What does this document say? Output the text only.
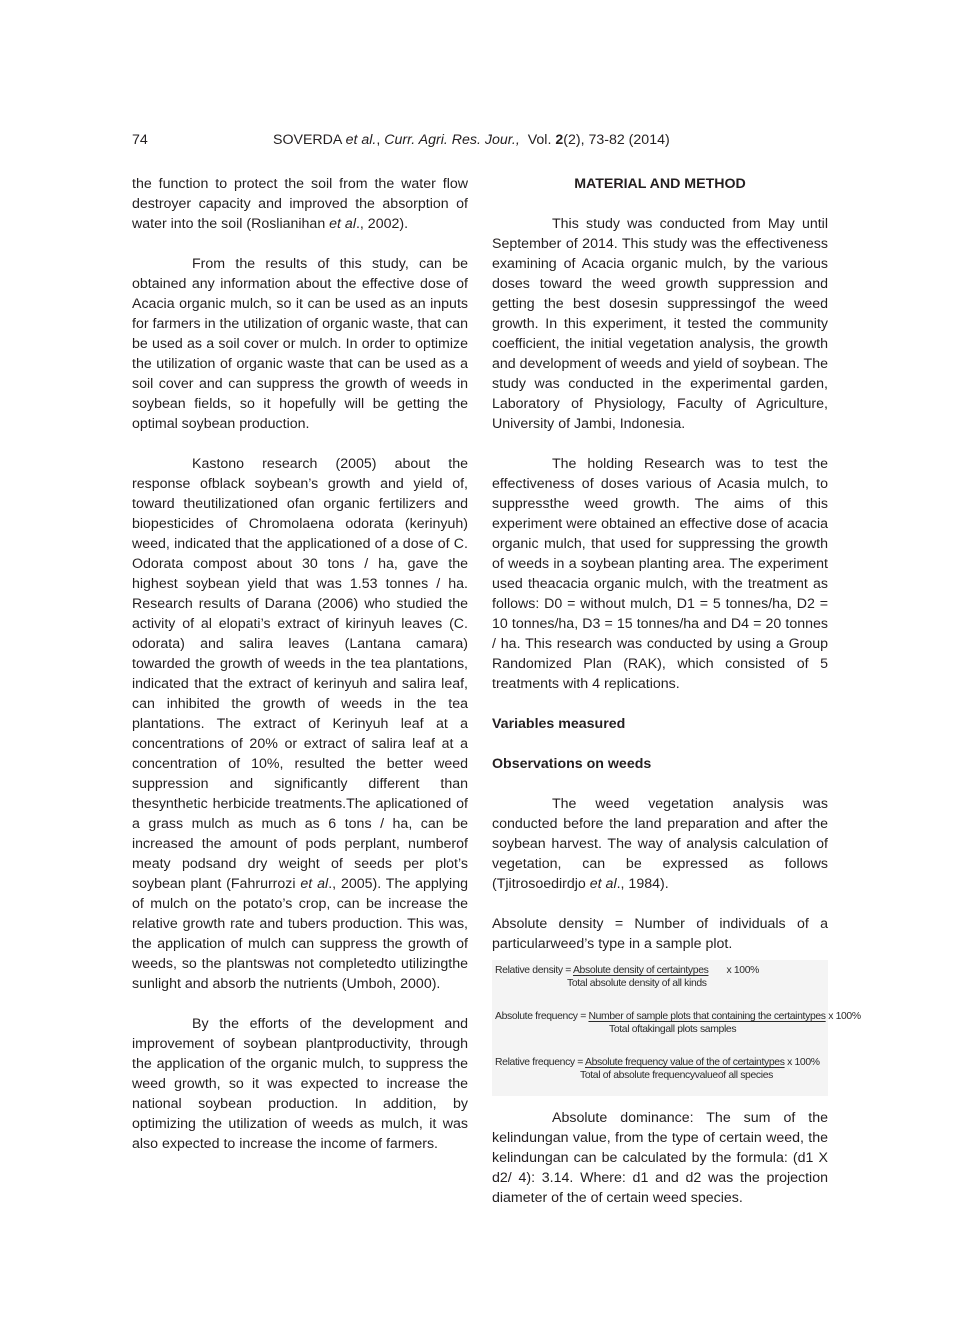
74	SOVERDA et al., Curr. Agri. Res. Jour., Vol. 2(2), 73-82 (2014)

the function to protect the soil from the water flow destroyer capacity and improved the absorption of water into the soil (Roslianihan et al., 2002).

From the results of this study, can be obtained any information about the effective dose of Acacia organic mulch, so it can be used as an inputs for farmers in the utilization of organic waste, that can be used as a soil cover or mulch. In order to optimize the utilization of organic waste that can be used as a soil cover and can suppress the growth of weeds in soybean fields, so it hopefully will be getting the optimal soybean production.

Kastono research (2005) about the response ofblack soybean’s growth and yield of, toward theutilizationed ofan organic fertilizers and biopesticides of Chromolaena odorata (kerinyuh) weed, indicated that the applicationed of a dose of C. Odorata compost about 30 tons / ha, gave the highest soybean yield that was 1.53 tonnes / ha. Research results of Darana (2006) who studied the activity of al elopati’s extract of kirinyuh leaves (C. odorata) and salira leaves (Lantana camara) towarded the growth of weeds in the tea plantations, indicated that the extract of kerinyuh and salira leaf, can inhibited the growth of weeds in the tea plantations. The extract of Kerinyuh leaf at a concentrations of 20% or extract of salira leaf at a concentration of 10%, resulted the better weed suppression and significantly different than thesynthetic herbicide treatments.The aplicationed of a grass mulch as much as 6 tons / ha, can be increased the amount of pods perplant, numberof meaty podsand dry weight of seeds per plot’s soybean plant (Fahrurrozi et al., 2005). The applying of mulch on the potato’s crop, can be increase the relative growth rate and tubers production. This was, the application of mulch can suppress the growth of weeds, so the plantswas not completedto utilizingthe sunlight and absorb the nutrients (Umboh, 2000).

By the efforts of the development and improvement of soybean plantproductivity, through the application of the organic mulch, to suppress the weed growth, so it was expected to increase the national soybean production. In addition, by optimizing the utilization of weeds as mulch, it was also expected to increase the income of farmers.

MATERIAL AND METHOD

This study was conducted from May until September of 2014. This study was the effectiveness examining of Acacia organic mulch, by the various doses toward the weed growth suppression and getting the best dosesin suppressingof the weed growth. In this experiment, it tested the community coefficient, the initial vegetation analysis, the growth and development of weeds and yield of soybean. The study was conducted in the experimental garden, Laboratory of Physiology, Faculty of Agriculture, University of Jambi, Indonesia.

The holding Research was to test the effectiveness of doses various of Acasia mulch, to suppressthe weed growth. The aims of this experiment were obtained an effective dose of acacia organic mulch, that used for suppressing the growth of weeds in a soybean planting area. The experiment used theacacia organic mulch, with the treatment as follows: D0 = without mulch, D1 = 5 tonnes/ha, D2 = 10 tonnes/ha, D3 = 15 tonnes/ha and D4 = 20 tonnes / ha. This research was conducted by using a Group Randomized Plan (RAK), which consisted of 5 treatments with 4 replications.

Variables measured

Observations on weeds

The weed vegetation analysis was conducted before the land preparation and after the soybean harvest. The way of analysis calculation of vegetation, can be expressed as follows (Tjitrosoedirdjo et al., 1984).

Absolute density = Number of individuals of a particularweed’s type in a sample plot.

Relative density = Absolute density of certaintypes x 100%
Total absolute density of all kinds
Absolute frequency = Number of sample plots that containing the certaintypes x 100%
Total oftakingall plots samples
Relative frequency = Absolute frequency value of the of certaintypes x 100%
Total of absolute frequencyvalueof all species

Absolute dominance: The sum of the kelindungan value, from the type of certain weed, the kelindungan can be calculated by the formula: (d1 X d2/ 4): 3.14. Where: d1 and d2 was the projection diameter of the of certain weed species.
